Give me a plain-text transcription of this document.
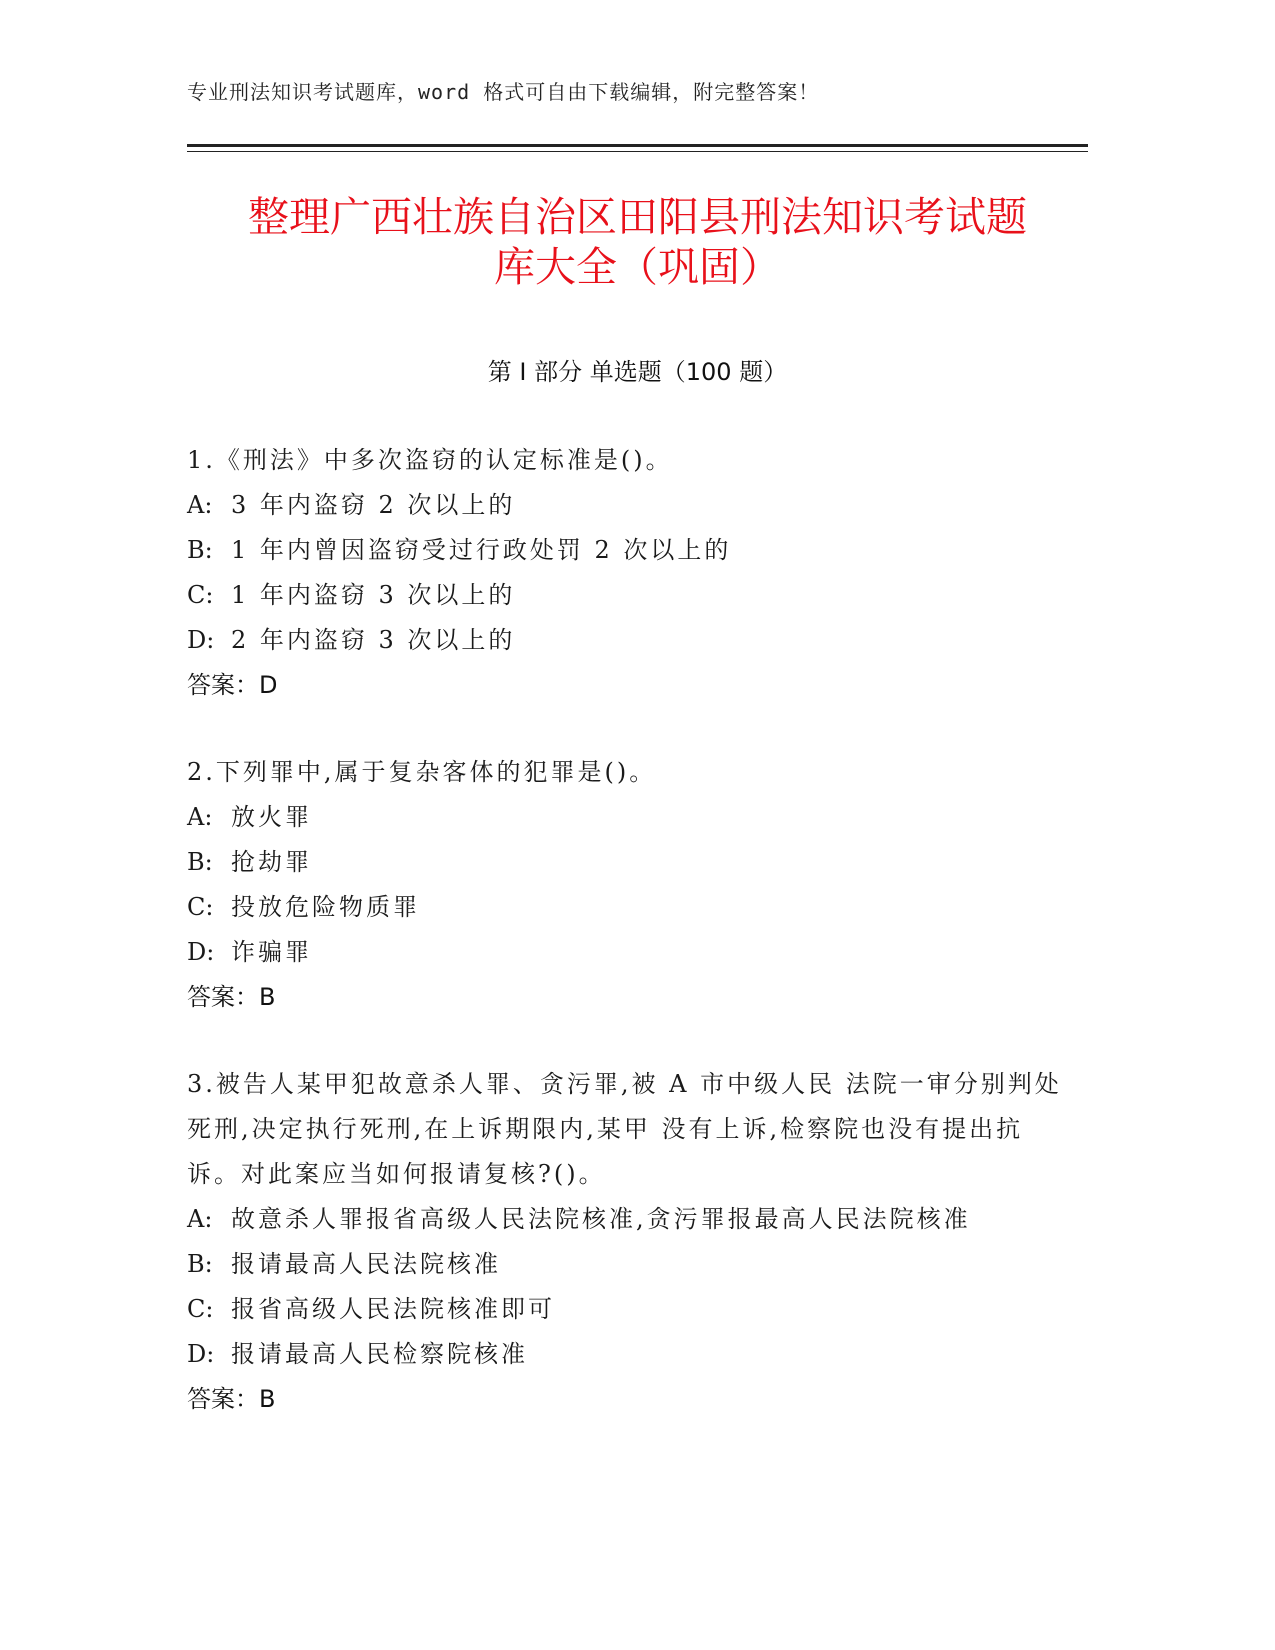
专业刑法知识考试题库，word 格式可自由下载编辑，附完整答案！
整理广西壮族自治区田阳县刑法知识考试题
库大全（巩固）
第 I 部分 单选题（100 题）
1.《刑法》中多次盗窃的认定标准是()。
A: 3 年内盗窃 2 次以上的
B: 1 年内曾因盗窃受过行政处罚 2 次以上的
C: 1 年内盗窃 3 次以上的
D: 2 年内盗窃 3 次以上的
答案：D
2.下列罪中,属于复杂客体的犯罪是()。
A: 放火罪
B: 抢劫罪
C: 投放危险物质罪
D: 诈骗罪
答案：B
3.被告人某甲犯故意杀人罪、贪污罪,被 A 市中级人民 法院一审分别判处死刑,决定执行死刑,在上诉期限内,某甲 没有上诉,检察院也没有提出抗诉。对此案应当如何报请复核?()。
A: 故意杀人罪报省高级人民法院核准,贪污罪报最高人民法院核准
B: 报请最高人民法院核准
C: 报省高级人民法院核准即可
D: 报请最高人民检察院核准
答案：B
